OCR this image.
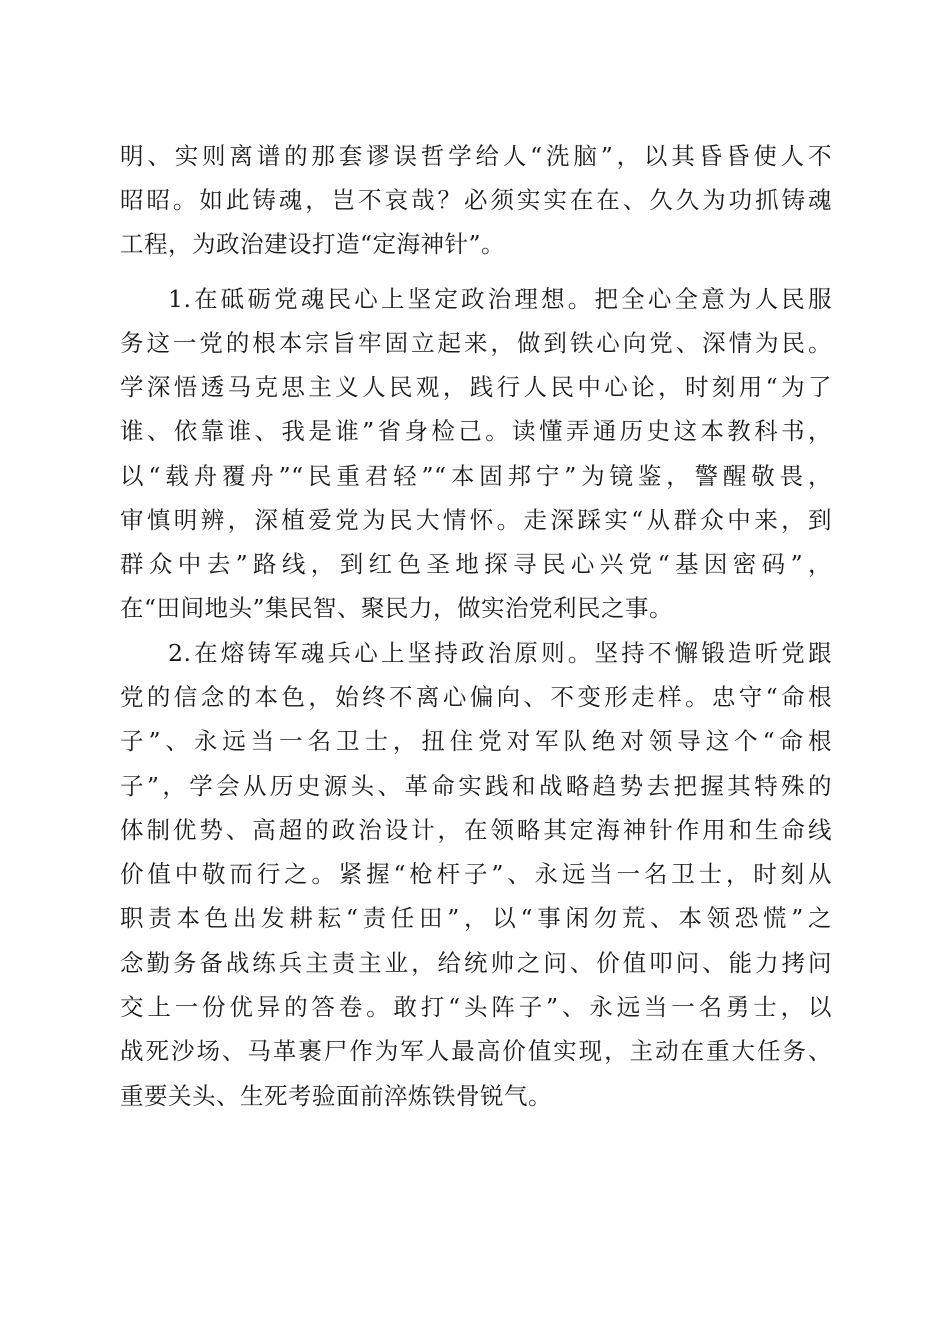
明、实则离谱的那套谬误哲学给人“洗脑”，以其昏昏使人不
昭昭。如此铸魂，岂不哀哉？必须实实在在、久久为功抓铸魂
工程，为政治建设打造“定海神针”。
1.在砥砺党魂民心上坚定政治理想。把全心全意为人民服
务这一党的根本宗旨牢固立起来，做到铁心向党、深情为民。
学深悟透马克思主义人民观，践行人民中心论，时刻用“为了
谁、依靠谁、我是谁”省身检己。读懂弄通历史这本教科书，
以“载舟覆舟”“民重君轻”“本固邦宁”为镜鉴，警醒敬畏，
审慎明辨，深植爱党为民大情怀。走深踩实“从群众中来，到
群众中去”路线，到红色圣地探寻民心兴党“基因密码”，
在“田间地头”集民智、聚民力，做实治党利民之事。
2.在熔铸军魂兵心上坚持政治原则。坚持不懈锻造听党跟
党的信念的本色，始终不离心偏向、不变形走样。忠守“命根
子”、永远当一名卫士，扭住党对军队绝对领导这个“命根
子”，学会从历史源头、革命实践和战略趋势去把握其特殊的
体制优势、高超的政治设计，在领略其定海神针作用和生命线
价值中敬而行之。紧握“枪杆子”、永远当一名卫士，时刻从
职责本色出发耕耘“责任田”，以“事闲勿荒、本领恐慌”之
念勤务备战练兵主责主业，给统帅之问、价值叩问、能力拷问
交上一份优异的答卷。敢打“头阵子”、永远当一名勇士，以
战死沙场、马革裹尸作为军人最高价值实现，主动在重大任务、
重要关头、生死考验面前淬炼铁骨锐气。
